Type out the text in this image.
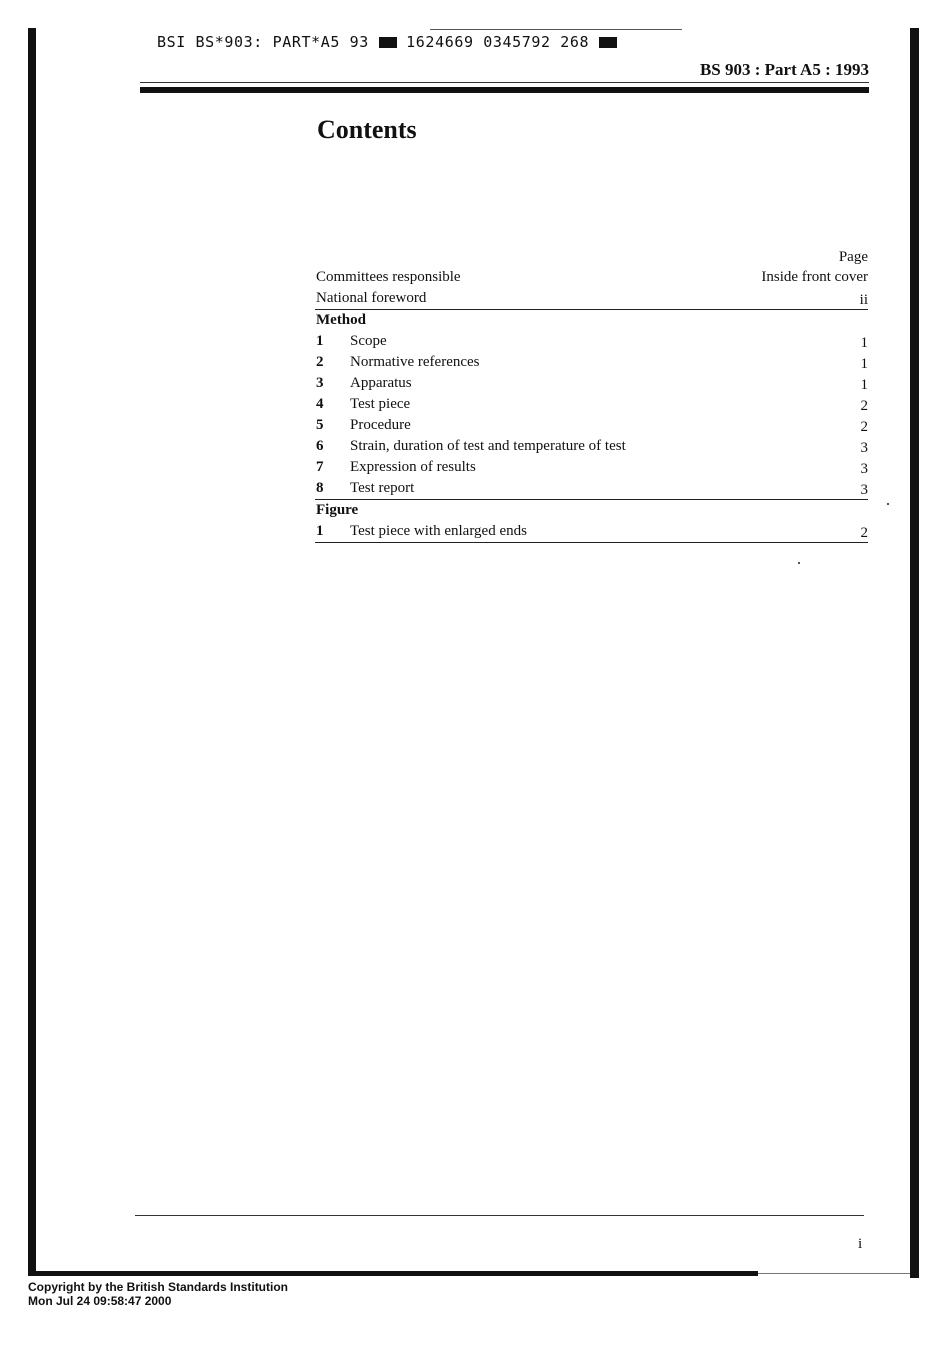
BSI BS*903: PART*A5 93 1624669 0345792 268
BS 903 : Part A5 : 1993
Contents
Page
Committees responsible	Inside front cover
National foreword	ii
Method
1 Scope	1
2 Normative references	1
3 Apparatus	1
4 Test piece	2
5 Procedure	2
6 Strain, duration of test and temperature of test	3
7 Expression of results	3
8 Test report	3
Figure
1 Test piece with enlarged ends	2
i
Copyright by the British Standards Institution
Mon Jul 24 09:58:47 2000
